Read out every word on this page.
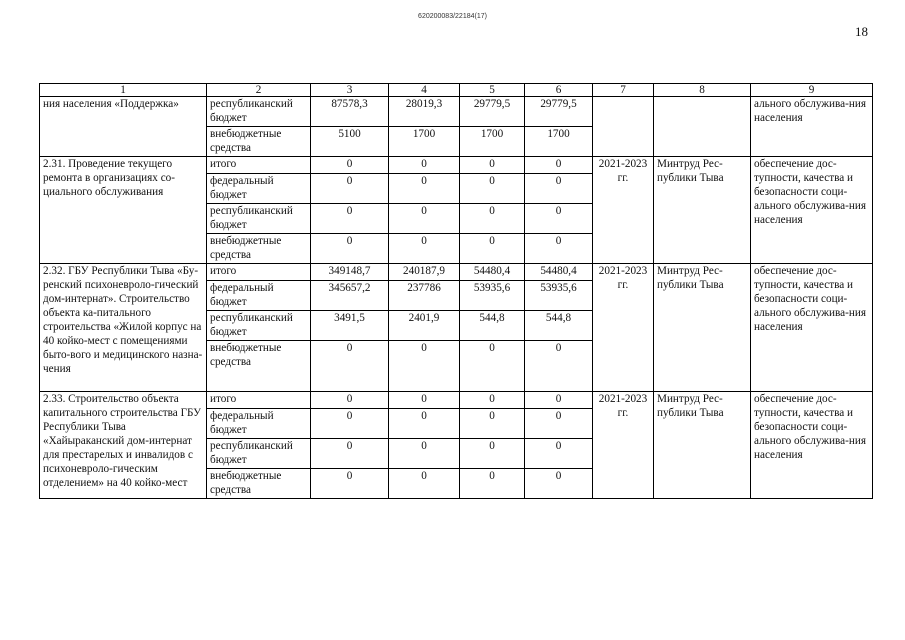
620200083/22184(17)
18
1	2	3	4	5	6	7	8	9
ния населения «Поддержка»	республиканский бюджет	87578,3	28019,3	29779,5	29779,5			ального обслужива-ния населения
	внебюджетные средства	5100	1700	1700	1700			
2.31. Проведение текущего ремонта в организациях со-циального обслуживания	итого	0	0	0	0	2021-2023 гг.	Минтруд Рес-публики Тыва	обеспечение дос-тупности, качества и безопасности соци-ального обслужива-ния населения
	федеральный бюджет	0	0	0	0			
	республиканский бюджет	0	0	0	0			
	внебюджетные средства	0	0	0	0			
2.32. ГБУ Республики Тыва «Буренский психоневроло-гический дом-интернат». Строительство объекта ка-питального строительства «Жилой корпус на 40 койко-мест с помещениями быто-вого и медицинского назна-чения	итого	349148,7	240187,9	54480,4	54480,4	2021-2023 гг.	Минтруд Рес-публики Тыва	обеспечение дос-тупности, качества и безопасности соци-ального обслужива-ния населения
	федеральный бюджет	345657,2	237786	53935,6	53935,6			
	республиканский бюджет	3491,5	2401,9	544,8	544,8			
	внебюджетные средства	0	0	0	0			
2.33. Строительство объекта капитального строительства ГБУ Республики Тыва «Хайыраканский дом-интернат для престарелых и инвалидов с психоневроло-гическим отделением» на 40 койко-мест	итого	0	0	0	0	2021-2023 гг.	Минтруд Рес-публики Тыва	обеспечение дос-тупности, качества и безопасности соци-ального обслужива-ния населения
	федеральный бюджет	0	0	0	0			
	республиканский бюджет	0	0	0	0			
	внебюджетные средства	0	0	0	0			
